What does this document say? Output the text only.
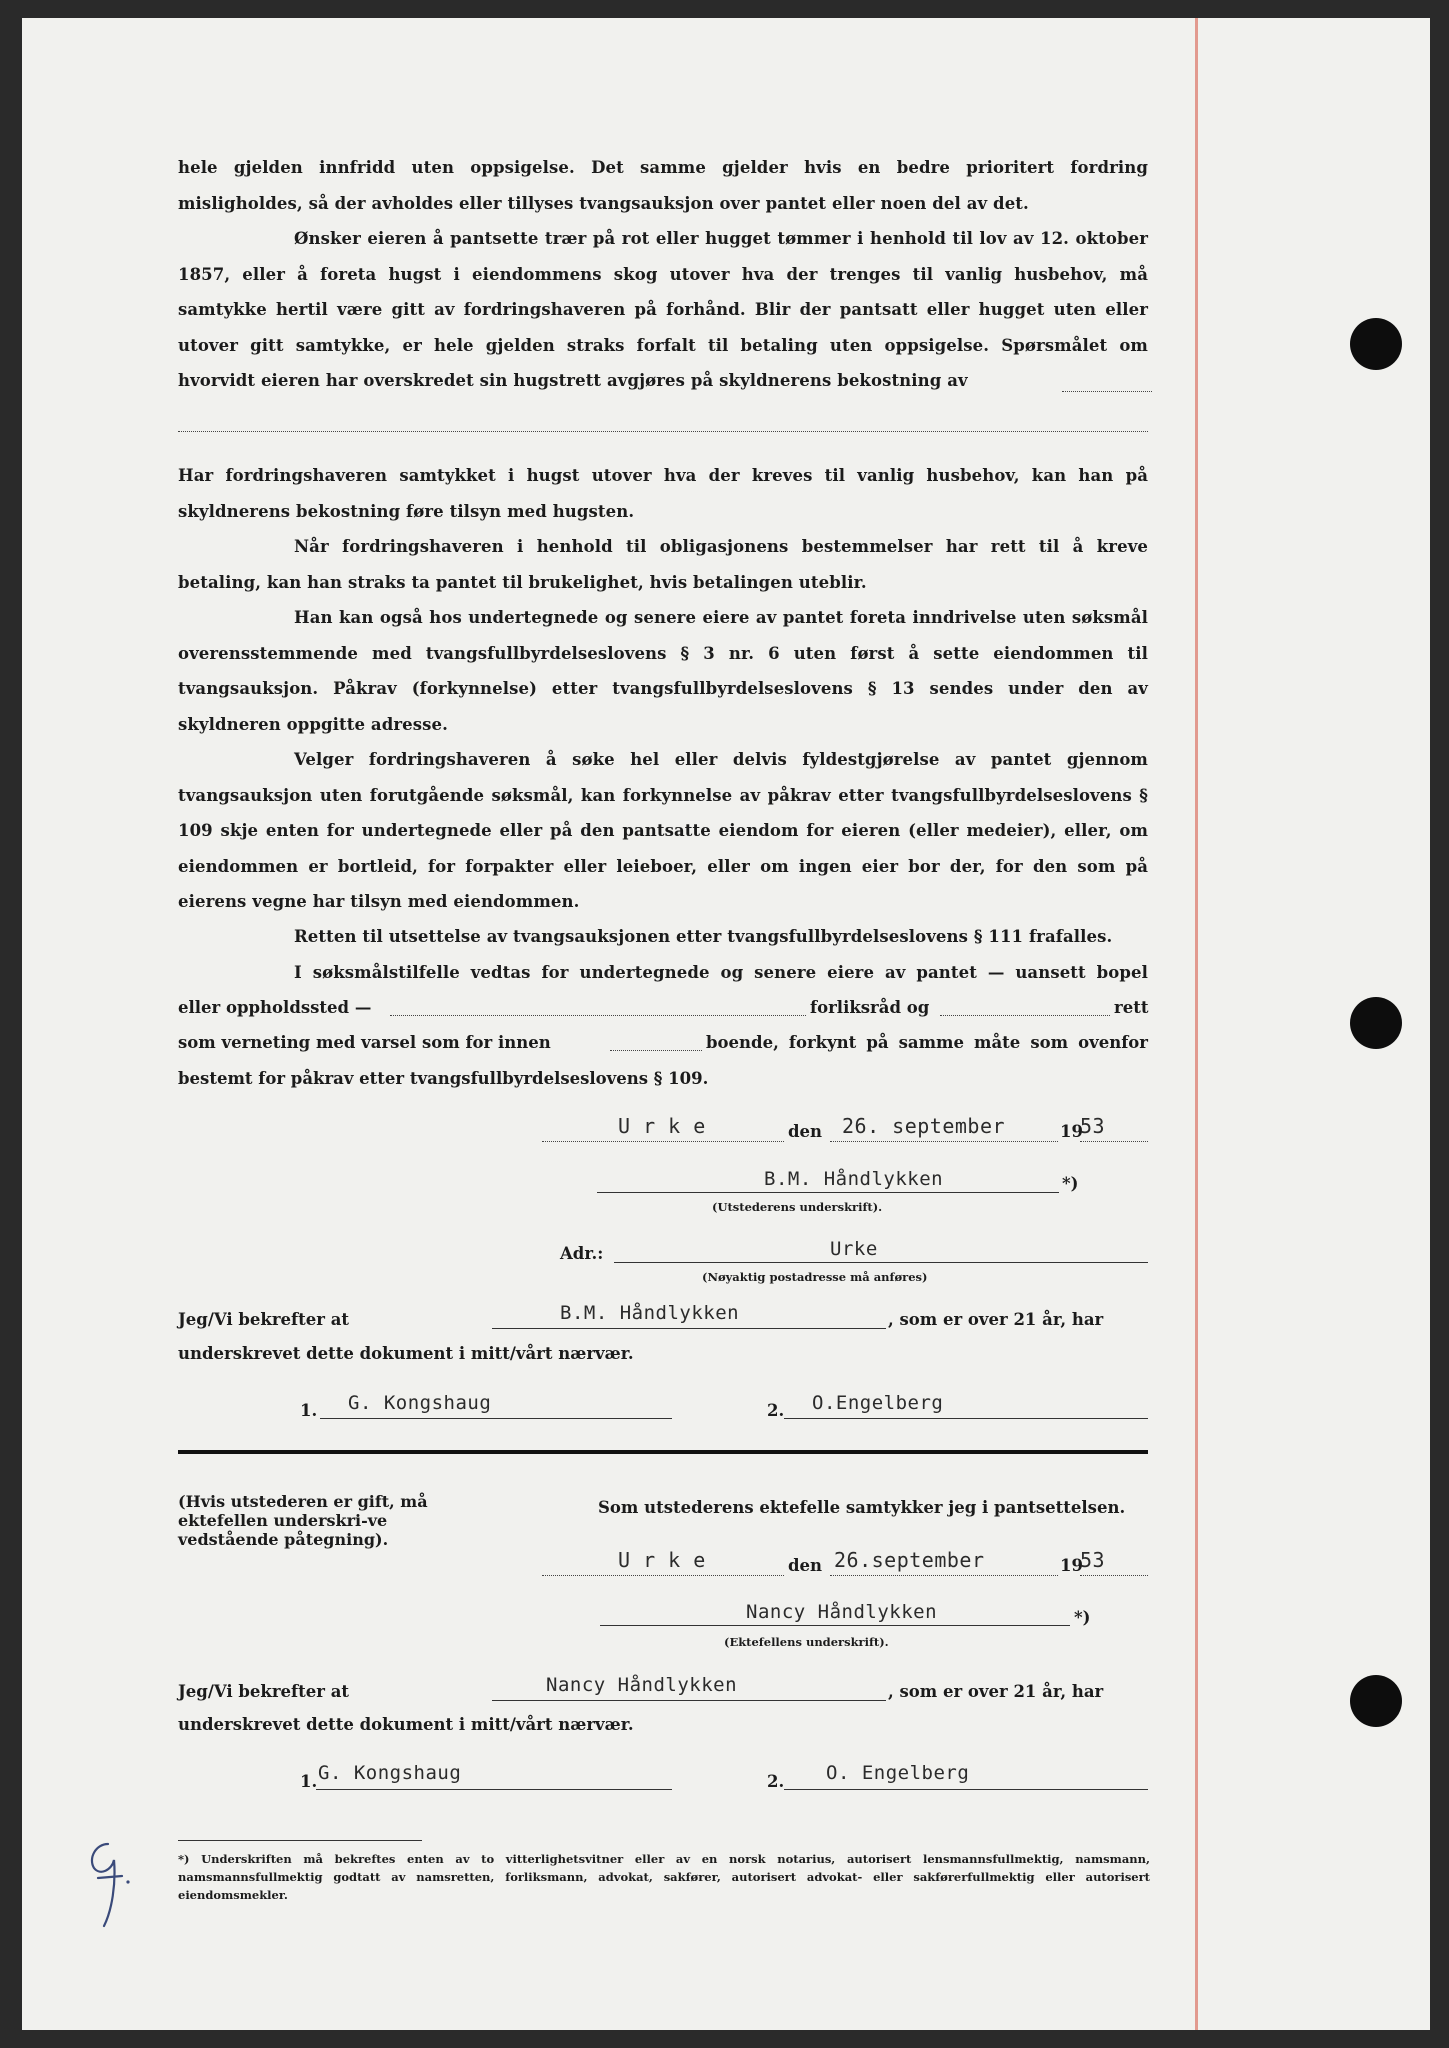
hele gjelden innfridd uten oppsigelse. Det samme gjelder hvis en bedre prioritert fordring misligholdes, så der avholdes eller tillyses tvangsauksjon over pantet eller noen del av det.
Ønsker eieren å pantsette trær på rot eller hugget tømmer i henhold til lov av 12. oktober 1857, eller å foreta hugst i eiendommens skog utover hva der trenges til vanlig husbehov, må samtykke hertil være gitt av fordringshaveren på forhånd. Blir der pantsatt eller hugget uten eller utover gitt samtykke, er hele gjelden straks forfalt til betaling uten oppsigelse. Spørsmålet om hvorvidt eieren har overskredet sin hugstrett avgjøres på skyldnerens bekostning av
Har fordringshaveren samtykket i hugst utover hva der kreves til vanlig husbehov, kan han på skyldnerens bekostning føre tilsyn med hugsten.
Når fordringshaveren i henhold til obligasjonens bestemmelser har rett til å kreve betaling, kan han straks ta pantet til brukelighet, hvis betalingen uteblir.
Han kan også hos undertegnede og senere eiere av pantet foreta inndrivelse uten søksmål overensstemmende med tvangsfullbyrdelseslovens § 3 nr. 6 uten først å sette eiendommen til tvangsauksjon. Påkrav (forkynnelse) etter tvangsfullbyrdelseslovens § 13 sendes under den av skyldneren oppgitte adresse.
Velger fordringshaveren å søke hel eller delvis fyldestgjørelse av pantet gjennom tvangsauksjon uten forutgående søksmål, kan forkynnelse av påkrav etter tvangsfullbyrdelseslovens § 109 skje enten for undertegnede eller på den pantsatte eiendom for eieren (eller medeier), eller, om eiendommen er bortleid, for forpakter eller leieboer, eller om ingen eier bor der, for den som på eierens vegne har tilsyn med eiendommen.
Retten til utsettelse av tvangsauksjonen etter tvangsfullbyrdelseslovens § 111 frafalles.
I søksmålstilfelle vedtas for undertegnede og senere eiere av pantet — uansett bopel
eller oppholdssted —	forliksråd og	rett
som verneting med varsel som for innen	boende, forkynt på samme måte som ovenfor
bestemt for påkrav etter tvangsfullbyrdelseslovens § 109.
U r k e	den 26. september	19
53
B.M. Håndlykken	*)
(Utstederens underskrift).
Adr.:	Urke
(Nøyaktig postadresse må anføres)
Jeg/Vi bekrefter at	B.M. Håndlykken	, som er over 21 år, har
underskrevet dette dokument i mitt/vårt nærvær.
1. G. Kongshaug	2. O.Engelberg
(Hvis utstederen er gift, må ektefellen underskri-ve vedstående påtegning).
Som utstederens ektefelle samtykker jeg i pantsettelsen.
U r k e	den 26.september	19
53
Nancy Håndlykken	*)
(Ektefellens underskrift).
Jeg/Vi bekrefter at	Nancy Håndlykken	, som er over 21 år, har
underskrevet dette dokument i mitt/vårt nærvær.
1. G. Kongshaug	2. O. Engelberg
*) Underskriften må bekreftes enten av to vitterlighetsvitner eller av en norsk notarius, autorisert lensmannsfullmektig, namsmann, namsmannsfullmektig godtatt av namsretten, forliksmann, advokat, sakfører, autorisert advokat- eller sakførerfullmektig eller autorisert eiendomsmekler.
